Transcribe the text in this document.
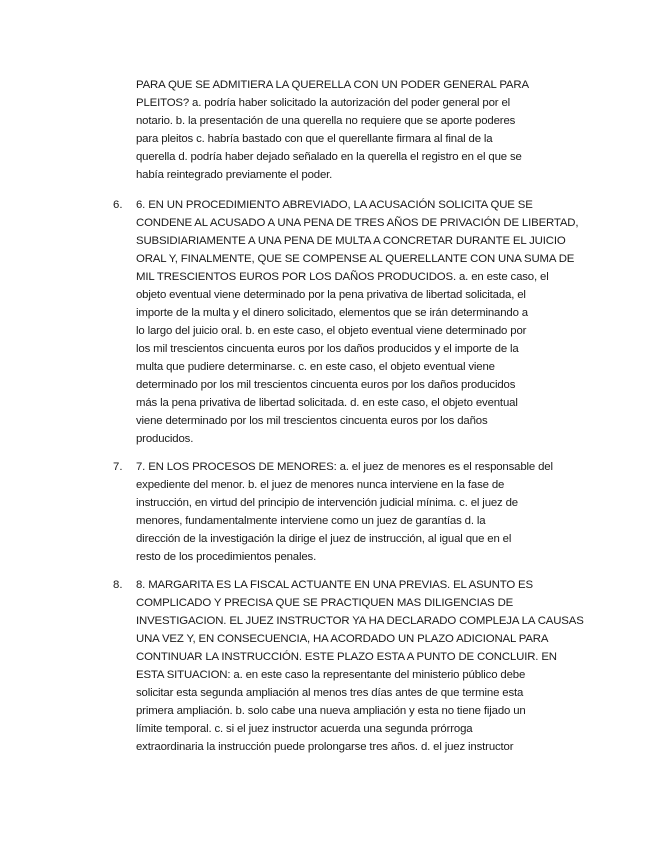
PARA QUE SE ADMITIERA LA QUERELLA CON UN PODER GENERAL PARA
PLEITOS? a. podría haber solicitado la autorización del poder general por el
notario. b. la presentación de una querella no requiere que se aporte poderes
para pleitos c. habría bastado con que el querellante firmara al final de la
querella d. podría haber dejado señalado en la querella el registro en el que se
había reintegrado previamente el poder.
6. 6. EN UN PROCEDIMIENTO ABREVIADO, LA ACUSACIÓN SOLICITA QUE SE
CONDENE AL ACUSADO A UNA PENA DE TRES AÑOS DE PRIVACIÓN DE LIBERTAD,
SUBSIDIARIAMENTE A UNA PENA DE MULTA A CONCRETAR DURANTE EL JUICIO
ORAL Y, FINALMENTE, QUE SE COMPENSE AL QUERELLANTE CON UNA SUMA DE
MIL TRESCIENTOS EUROS POR LOS DAÑOS PRODUCIDOS. a. en este caso, el
objeto eventual viene determinado por la pena privativa de libertad solicitada, el
importe de la multa y el dinero solicitado, elementos que se irán determinando a
lo largo del juicio oral. b. en este caso, el objeto eventual viene determinado por
los mil trescientos cincuenta euros por los daños producidos y el importe de la
multa que pudiere determinarse. c. en este caso, el objeto eventual viene
determinado por los mil trescientos cincuenta euros por los daños producidos
más la pena privativa de libertad solicitada. d. en este caso, el objeto eventual
viene determinado por los mil trescientos cincuenta euros por los daños
producidos.
7. 7. EN LOS PROCESOS DE MENORES: a. el juez de menores es el responsable del
expediente del menor. b. el juez de menores nunca interviene en la fase de
instrucción, en virtud del principio de intervención judicial mínima. c. el juez de
menores, fundamentalmente interviene como un juez de garantías d. la
dirección de la investigación la dirige el juez de instrucción, al igual que en el
resto de los procedimientos penales.
8. 8. MARGARITA ES LA FISCAL ACTUANTE EN UNA PREVIAS. EL ASUNTO ES
COMPLICADO Y PRECISA QUE SE PRACTIQUEN MAS DILIGENCIAS DE
INVESTIGACION. EL JUEZ INSTRUCTOR YA HA DECLARADO COMPLEJA LA CAUSAS
UNA VEZ Y, EN CONSECUENCIA, HA ACORDADO UN PLAZO ADICIONAL PARA
CONTINUAR LA INSTRUCCIÓN. ESTE PLAZO ESTA A PUNTO DE CONCLUIR. EN
ESTA SITUACION: a. en este caso la representante del ministerio público debe
solicitar esta segunda ampliación al menos tres días antes de que termine esta
primera ampliación. b. solo cabe una nueva ampliación y esta no tiene fijado un
límite temporal. c. si el juez instructor acuerda una segunda prórroga
extraordinaria la instrucción puede prolongarse tres años. d. el juez instructor
